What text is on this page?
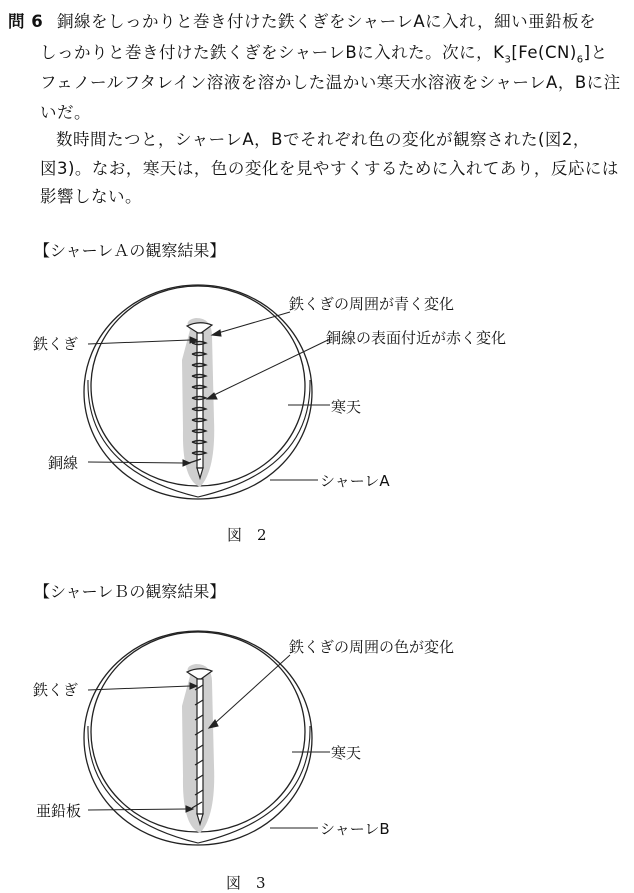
問 6 銅線をしっかりと巻き付けた鉄くぎをシャーレAに入れ，細い亜鉛板を
しっかりと巻き付けた鉄くぎをシャーレBに入れた。次に，$K_3[Fe(CN)_6]$と
フェノールフタレイン溶液を溶かした温かい寒天水溶液をシャーレA，Bに注
いだ。
数時間たつと，シャーレA，Bでそれぞれ色の変化が観察された(図2，
図3)。なお，寒天は，色の変化を見やすくするために入れてあり，反応には
影響しない。
【シャーレＡの観察結果】
鉄くぎ
鉄くぎの周囲が青く変化
銅線の表面付近が赤く変化
寒天
銅線
シャーレA
図　2
【シャーレＢの観察結果】
鉄くぎ
鉄くぎの周囲の色が変化
寒天
亜鉛板
シャーレB
図　3
